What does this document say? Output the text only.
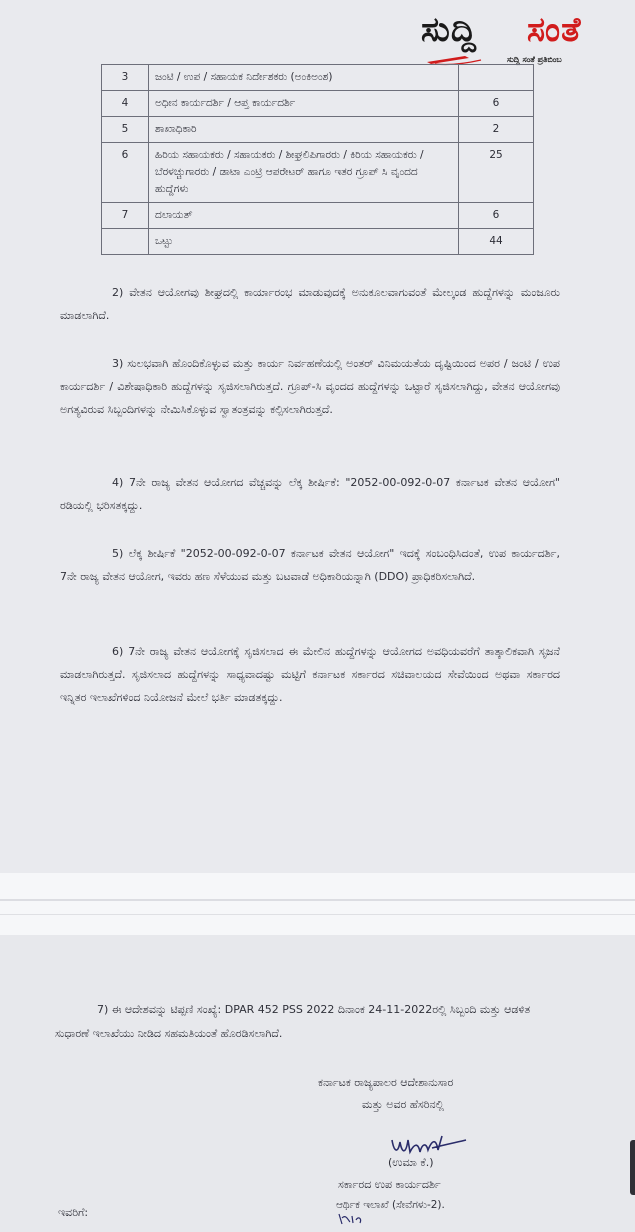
ಸುದ್ದಿ ಸಂತೆ
ಸುದ್ದಿ ಸಂತೆ ಪ್ರತಿಬಿಂಬ
3	ಜಂಟಿ / ಉಪ / ಸಹಾಯಕ ನಿರ್ದೇಶಕರು (ಅಂಕಿಅಂಶ)	
4	ಅಧೀನ ಕಾರ್ಯದರ್ಶಿ / ಆಪ್ತ ಕಾರ್ಯದರ್ಶಿ	6
5	ಶಾಖಾಧಿಕಾರಿ	2
6	ಹಿರಿಯ ಸಹಾಯಕರು / ಸಹಾಯಕರು / ಶೀಘ್ರಲಿಪಿಗಾರರು / ಕಿರಿಯ ಸಹಾಯಕರು / ಬೆರಳಚ್ಚುಗಾರರು / ಡಾಟಾ ಎಂಟ್ರಿ ಆಪರೇಟರ್ ಹಾಗೂ ಇತರ ಗ್ರೂಪ್ ಸಿ ವೃಂದದ ಹುದ್ದೆಗಳು	25
7	ದಲಾಯತ್	6
	ಒಟ್ಟು	44
2) ವೇತನ ಆಯೋಗವು ಶೀಘ್ರದಲ್ಲಿ ಕಾರ್ಯಾರಂಭ ಮಾಡುವುದಕ್ಕೆ ಅನುಕೂಲವಾಗುವಂತೆ ಮೇಲ್ಕಂಡ ಹುದ್ದೆಗಳನ್ನು ಮಂಜೂರು ಮಾಡಲಾಗಿದೆ.
3) ಸುಲಭವಾಗಿ ಹೊಂದಿಕೊಳ್ಳುವ ಮತ್ತು ಕಾರ್ಯ ನಿರ್ವಹಣೆಯಲ್ಲಿ ಅಂತರ್ ವಿನಿಮಯತೆಯ ದೃಷ್ಟಿಯಿಂದ ಅಪರ / ಜಂಟಿ / ಉಪ ಕಾರ್ಯದರ್ಶಿ / ವಿಶೇಷಾಧಿಕಾರಿ ಹುದ್ದೆಗಳನ್ನು ಸೃಜಿಸಲಾಗಿರುತ್ತದೆ. ಗ್ರೂಪ್-ಸಿ ವೃಂದದ ಹುದ್ದೆಗಳನ್ನು ಒಟ್ಟಾರೆ ಸೃಜಿಸಲಾಗಿದ್ದು, ವೇತನ ಆಯೋಗವು ಅಗತ್ಯವಿರುವ ಸಿಬ್ಬಂದಿಗಳನ್ನು ನೇಮಿಸಿಕೊಳ್ಳುವ ಸ್ವಾತಂತ್ರವನ್ನು ಕಲ್ಪಿಸಲಾಗಿರುತ್ತದೆ.
4) 7ನೇ ರಾಜ್ಯ ವೇತನ ಆಯೋಗದ ವೆಚ್ಚವನ್ನು ಲೆಕ್ಕ ಶೀರ್ಷಿಕೆ: "2052-00-092-0-07 ಕರ್ನಾಟಕ ವೇತನ ಆಯೋಗ" ರಡಿಯಲ್ಲಿ ಭರಿಸತಕ್ಕದ್ದು.
5) ಲೆಕ್ಕ ಶೀರ್ಷಿಕೆ "2052-00-092-0-07 ಕರ್ನಾಟಕ ವೇತನ ಆಯೋಗ" ಇದಕ್ಕೆ ಸಂಬಂಧಿಸಿದಂತೆ, ಉಪ ಕಾರ್ಯದರ್ಶಿ, 7ನೇ ರಾಜ್ಯ ವೇತನ ಆಯೋಗ, ಇವರು ಹಣ ಸೆಳೆಯುವ ಮತ್ತು ಬಟವಾಡೆ ಅಧಿಕಾರಿಯನ್ನಾಗಿ (DDO) ಪ್ರಾಧಿಕರಿಸಲಾಗಿದೆ.
6) 7ನೇ ರಾಜ್ಯ ವೇತನ ಆಯೋಗಕ್ಕೆ ಸೃಜಿಸಲಾದ ಈ ಮೇಲಿನ ಹುದ್ದೆಗಳನ್ನು ಆಯೋಗದ ಅವಧಿಯವರೆಗೆ ತಾತ್ಕಾಲಿಕವಾಗಿ ಸೃಜನೆ ಮಾಡಲಾಗಿರುತ್ತದೆ. ಸೃಜಿಸಲಾದ ಹುದ್ದೆಗಳನ್ನು ಸಾಧ್ಯವಾದಷ್ಟು ಮಟ್ಟಿಗೆ ಕರ್ನಾಟಕ ಸರ್ಕಾರದ ಸಚಿವಾಲಯದ ಸೇವೆಯಿಂದ ಅಥವಾ ಸರ್ಕಾರದ ಇನ್ನಿತರ ಇಲಾಖೆಗಳಿಂದ ನಿಯೋಜನೆ ಮೇಲೆ ಭರ್ತಿ ಮಾಡತಕ್ಕದ್ದು.
7) ಈ ಆದೇಶವನ್ನು ಟಿಪ್ಪಣಿ ಸಂಖ್ಯೆ: DPAR 452 PSS 2022 ದಿನಾಂಕ 24-11-2022ರಲ್ಲಿ ಸಿಬ್ಬಂದಿ ಮತ್ತು ಆಡಳಿತ ಸುಧಾರಣೆ ಇಲಾಖೆಯು ನೀಡಿದ ಸಹಮತಿಯಂತೆ ಹೊರಡಿಸಲಾಗಿದೆ.
ಕರ್ನಾಟಕ ರಾಜ್ಯಪಾಲರ ಆದೇಶಾನುಸಾರ
ಮತ್ತು ಅವರ ಹೆಸರಿನಲ್ಲಿ
(ಉಮಾ ಕೆ.)
ಸರ್ಕಾರದ ಉಪ ಕಾರ್ಯದರ್ಶಿ
ಆರ್ಥಿಕ ಇಲಾಖೆ (ಸೇವೆಗಳು-2).
ಇವರಿಗೆ:
